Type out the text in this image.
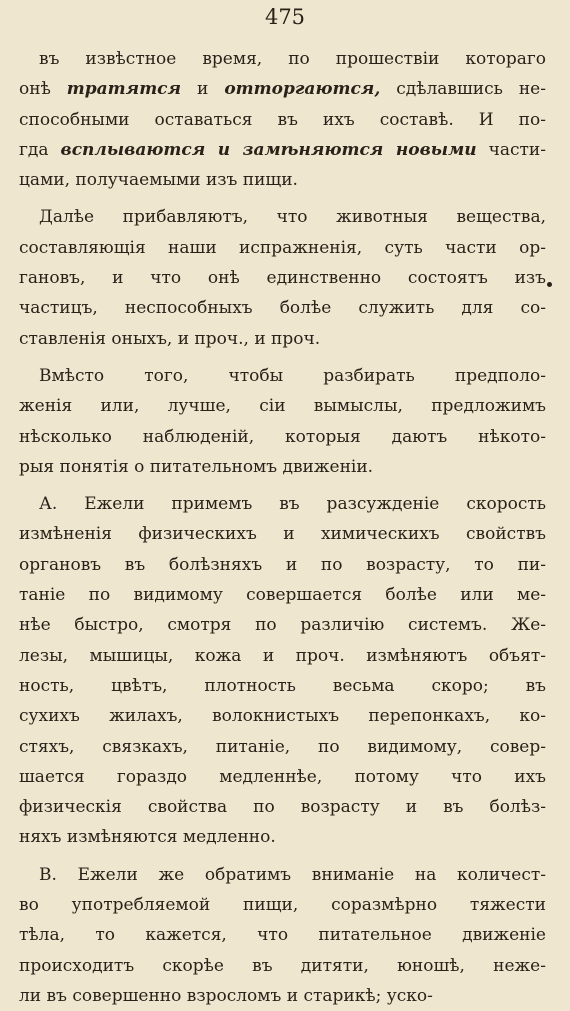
475
въ извѣстное время, по прошествіи котораго
онѣ тратятся и отторгаются, сдѣлавшись не-
способными оставаться въ ихъ составѣ. И по-
гда всплываются и замѣняются новыми части-
цами, получаемыми изъ пищи.
Далѣе прибавляютъ, что животныя вещества,
составляющія наши испражненія, суть части ор-
гановъ, и что онѣ единственно состоятъ изъ
частицъ, неспособныхъ болѣе служить для со-
ставленія оныхъ, и проч., и проч.
Вмѣсто того, чтобы разбирать предполо-
женія или, лучше, сіи вымыслы, предложимъ
нѣсколько наблюденій, которыя даютъ нѣкото-
рыя понятія о питательномъ движеніи.
А. Ежели примемъ въ разсужденіе скорость
измѣненія физическихъ и химическихъ свойствъ
органовъ въ болѣзняхъ и по возрасту, то пи-
таніе по видимому совершается болѣе или ме-
нѣе быстро, смотря по различію системъ. Же-
лезы, мышицы, кожа и проч. измѣняютъ объят-
ность, цвѣтъ, плотность весьма скоро; въ
сухихъ жилахъ, волокнистыхъ перепонкахъ, ко-
стяхъ, связкахъ, питаніе, по видимому, совер-
шается гораздо медленнѣе, потому что ихъ
физическія свойства по возрасту и въ болѣз-
няхъ измѣняются медленно.
В. Ежели же обратимъ вниманіе на количест-
во употребляемой пищи, соразмѣрно тяжести
тѣла, то кажется, что питательное движеніе
происходитъ скорѣе въ дитяти, юношѣ, неже-
ли въ совершенно взросломъ и старикѣ; уско-
